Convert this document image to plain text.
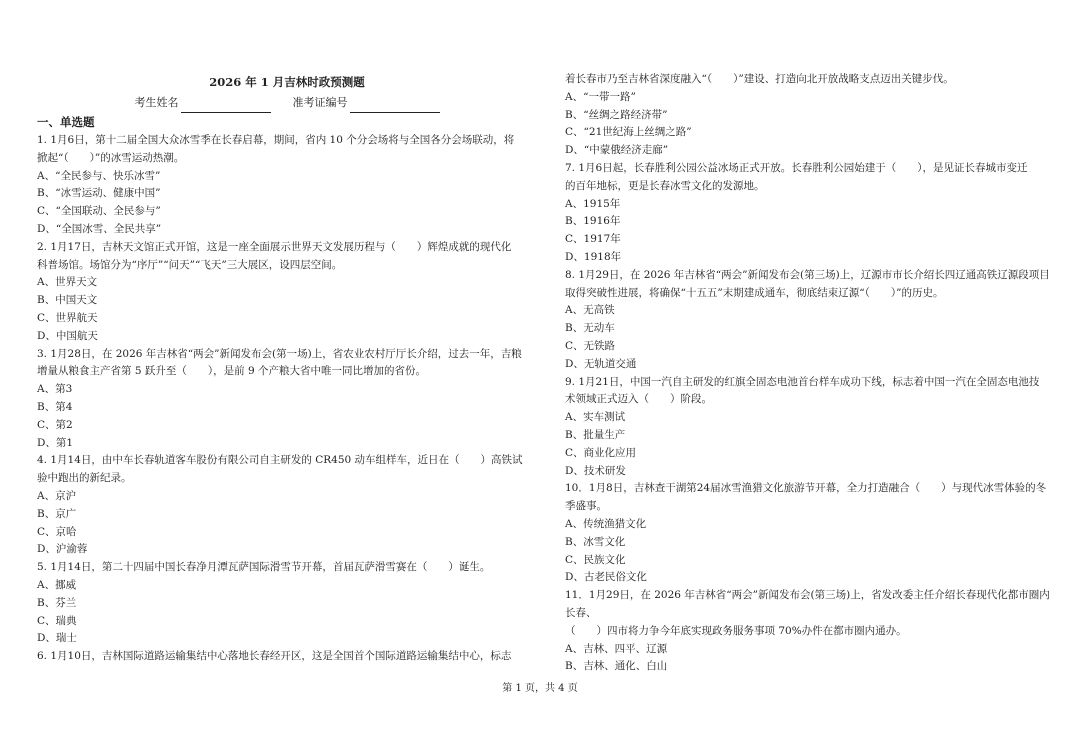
2026 年 1 月吉林时政预测题
考生姓名	准考证编号
一、单选题
1. 1月6日，第十二届全国大众冰雪季在长春启幕，期间，省内 10 个分会场将与全国各分会场联动，将
掀起“（　　）”的冰雪运动热潮。
A、“全民参与、快乐冰雪”
B、“冰雪运动、健康中国”
C、“全国联动、全民参与”
D、“全国冰雪、全民共享”
2. 1月17日，吉林天文馆正式开馆，这是一座全面展示世界天文发展历程与（　　）辉煌成就的现代化
科普场馆。场馆分为“序厅”“问天”“飞天”三大展区，设四层空间。
A、世界天文
B、中国天文
C、世界航天
D、中国航天
3. 1月28日，在 2026 年吉林省“两会”新闻发布会(第一场)上，省农业农村厅厅长介绍，过去一年，吉粮
增量从粮食主产省第 5 跃升至（　　），是前 9 个产粮大省中唯一同比增加的省份。
A、第3
B、第4
C、第2
D、第1
4. 1月14日，由中车长春轨道客车股份有限公司自主研发的 CR450 动车组样车，近日在（　　）高铁试
验中跑出的新纪录。
A、京沪
B、京广
C、京哈
D、沪渝蓉
5. 1月14日，第二十四届中国长春净月潭瓦萨国际滑雪节开幕，首届瓦萨滑雪赛在（　　）诞生。
A、挪威
B、芬兰
C、瑞典
D、瑞士
6. 1月10日，吉林国际道路运输集结中心落地长春经开区，这是全国首个国际道路运输集结中心，标志
着长春市乃至吉林省深度融入“（　　）”建设、打造向北开放战略支点迈出关键步伐。
A、“一带一路”
B、“丝绸之路经济带”
C、“21世纪海上丝绸之路”
D、“中蒙俄经济走廊”
7. 1月6日起，长春胜利公园公益冰场正式开放。长春胜利公园始建于（　　），是见证长春城市变迁
的百年地标，更是长春冰雪文化的发源地。
A、1915年
B、1916年
C、1917年
D、1918年
8. 1月29日，在 2026 年吉林省“两会”新闻发布会(第三场)上，辽源市市长介绍长四辽通高铁辽源段项目
取得突破性进展，将确保“十五五”末期建成通车，彻底结束辽源“（　　）”的历史。
A、无高铁
B、无动车
C、无铁路
D、无轨道交通
9. 1月21日，中国一汽自主研发的红旗全固态电池首台样车成功下线，标志着中国一汽在全固态电池技
术领域正式迈入（　　）阶段。
A、实车测试
B、批量生产
C、商业化应用
D、技术研发
10．1月8日，吉林查干湖第24届冰雪渔猎文化旅游节开幕，全力打造融合（　　）与现代冰雪体验的冬
季盛事。
A、传统渔猎文化
B、冰雪文化
C、民族文化
D、古老民俗文化
11．1月29日，在 2026 年吉林省“两会”新闻发布会(第三场)上，省发改委主任介绍长春现代化都市圈内长春、
（　　）四市将力争今年底实现政务服务事项 70%办件在都市圈内通办。
A、吉林、四平、辽源
B、吉林、通化、白山
第 1 页，共 4 页
